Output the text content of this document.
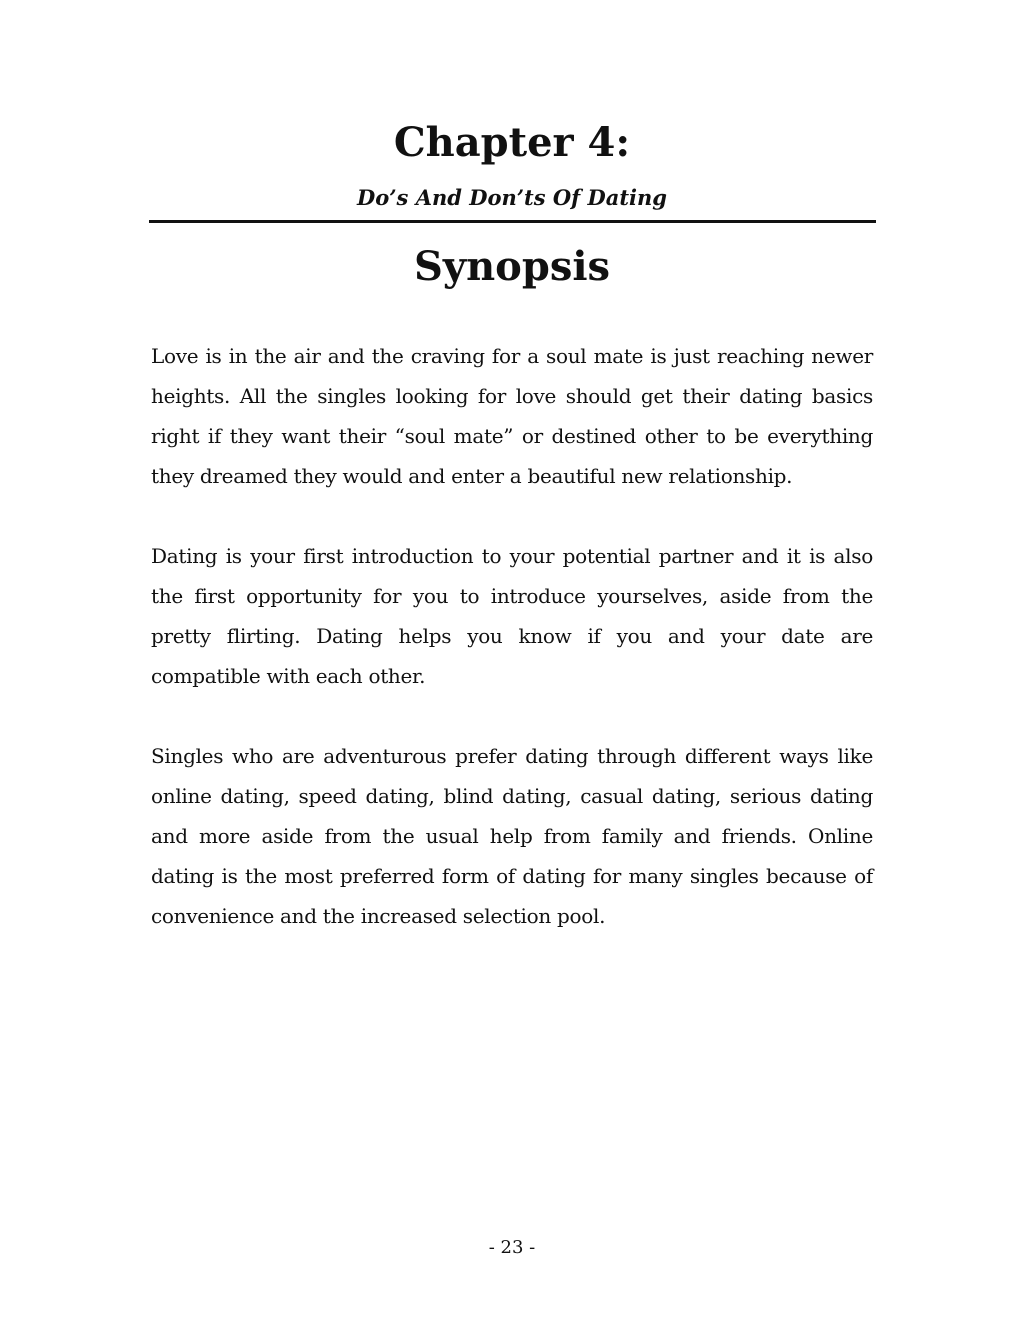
Chapter 4:

Do’s And Don’ts Of Dating

Synopsis

Love is in the air and the craving for a soul mate is just reaching newer heights. All the singles looking for love should get their dating basics right if they want their “soul mate” or destined other to be everything they dreamed they would and enter a beautiful new relationship.

Dating is your first introduction to your potential partner and it is also the first opportunity for you to introduce yourselves, aside from the pretty flirting. Dating helps you know if you and your date are compatible with each other.

Singles who are adventurous prefer dating through different ways like online dating, speed dating, blind dating, casual dating, serious dating and more aside from the usual help from family and friends. Online dating is the most preferred form of dating for many singles because of convenience and the increased selection pool.

- 23 -
